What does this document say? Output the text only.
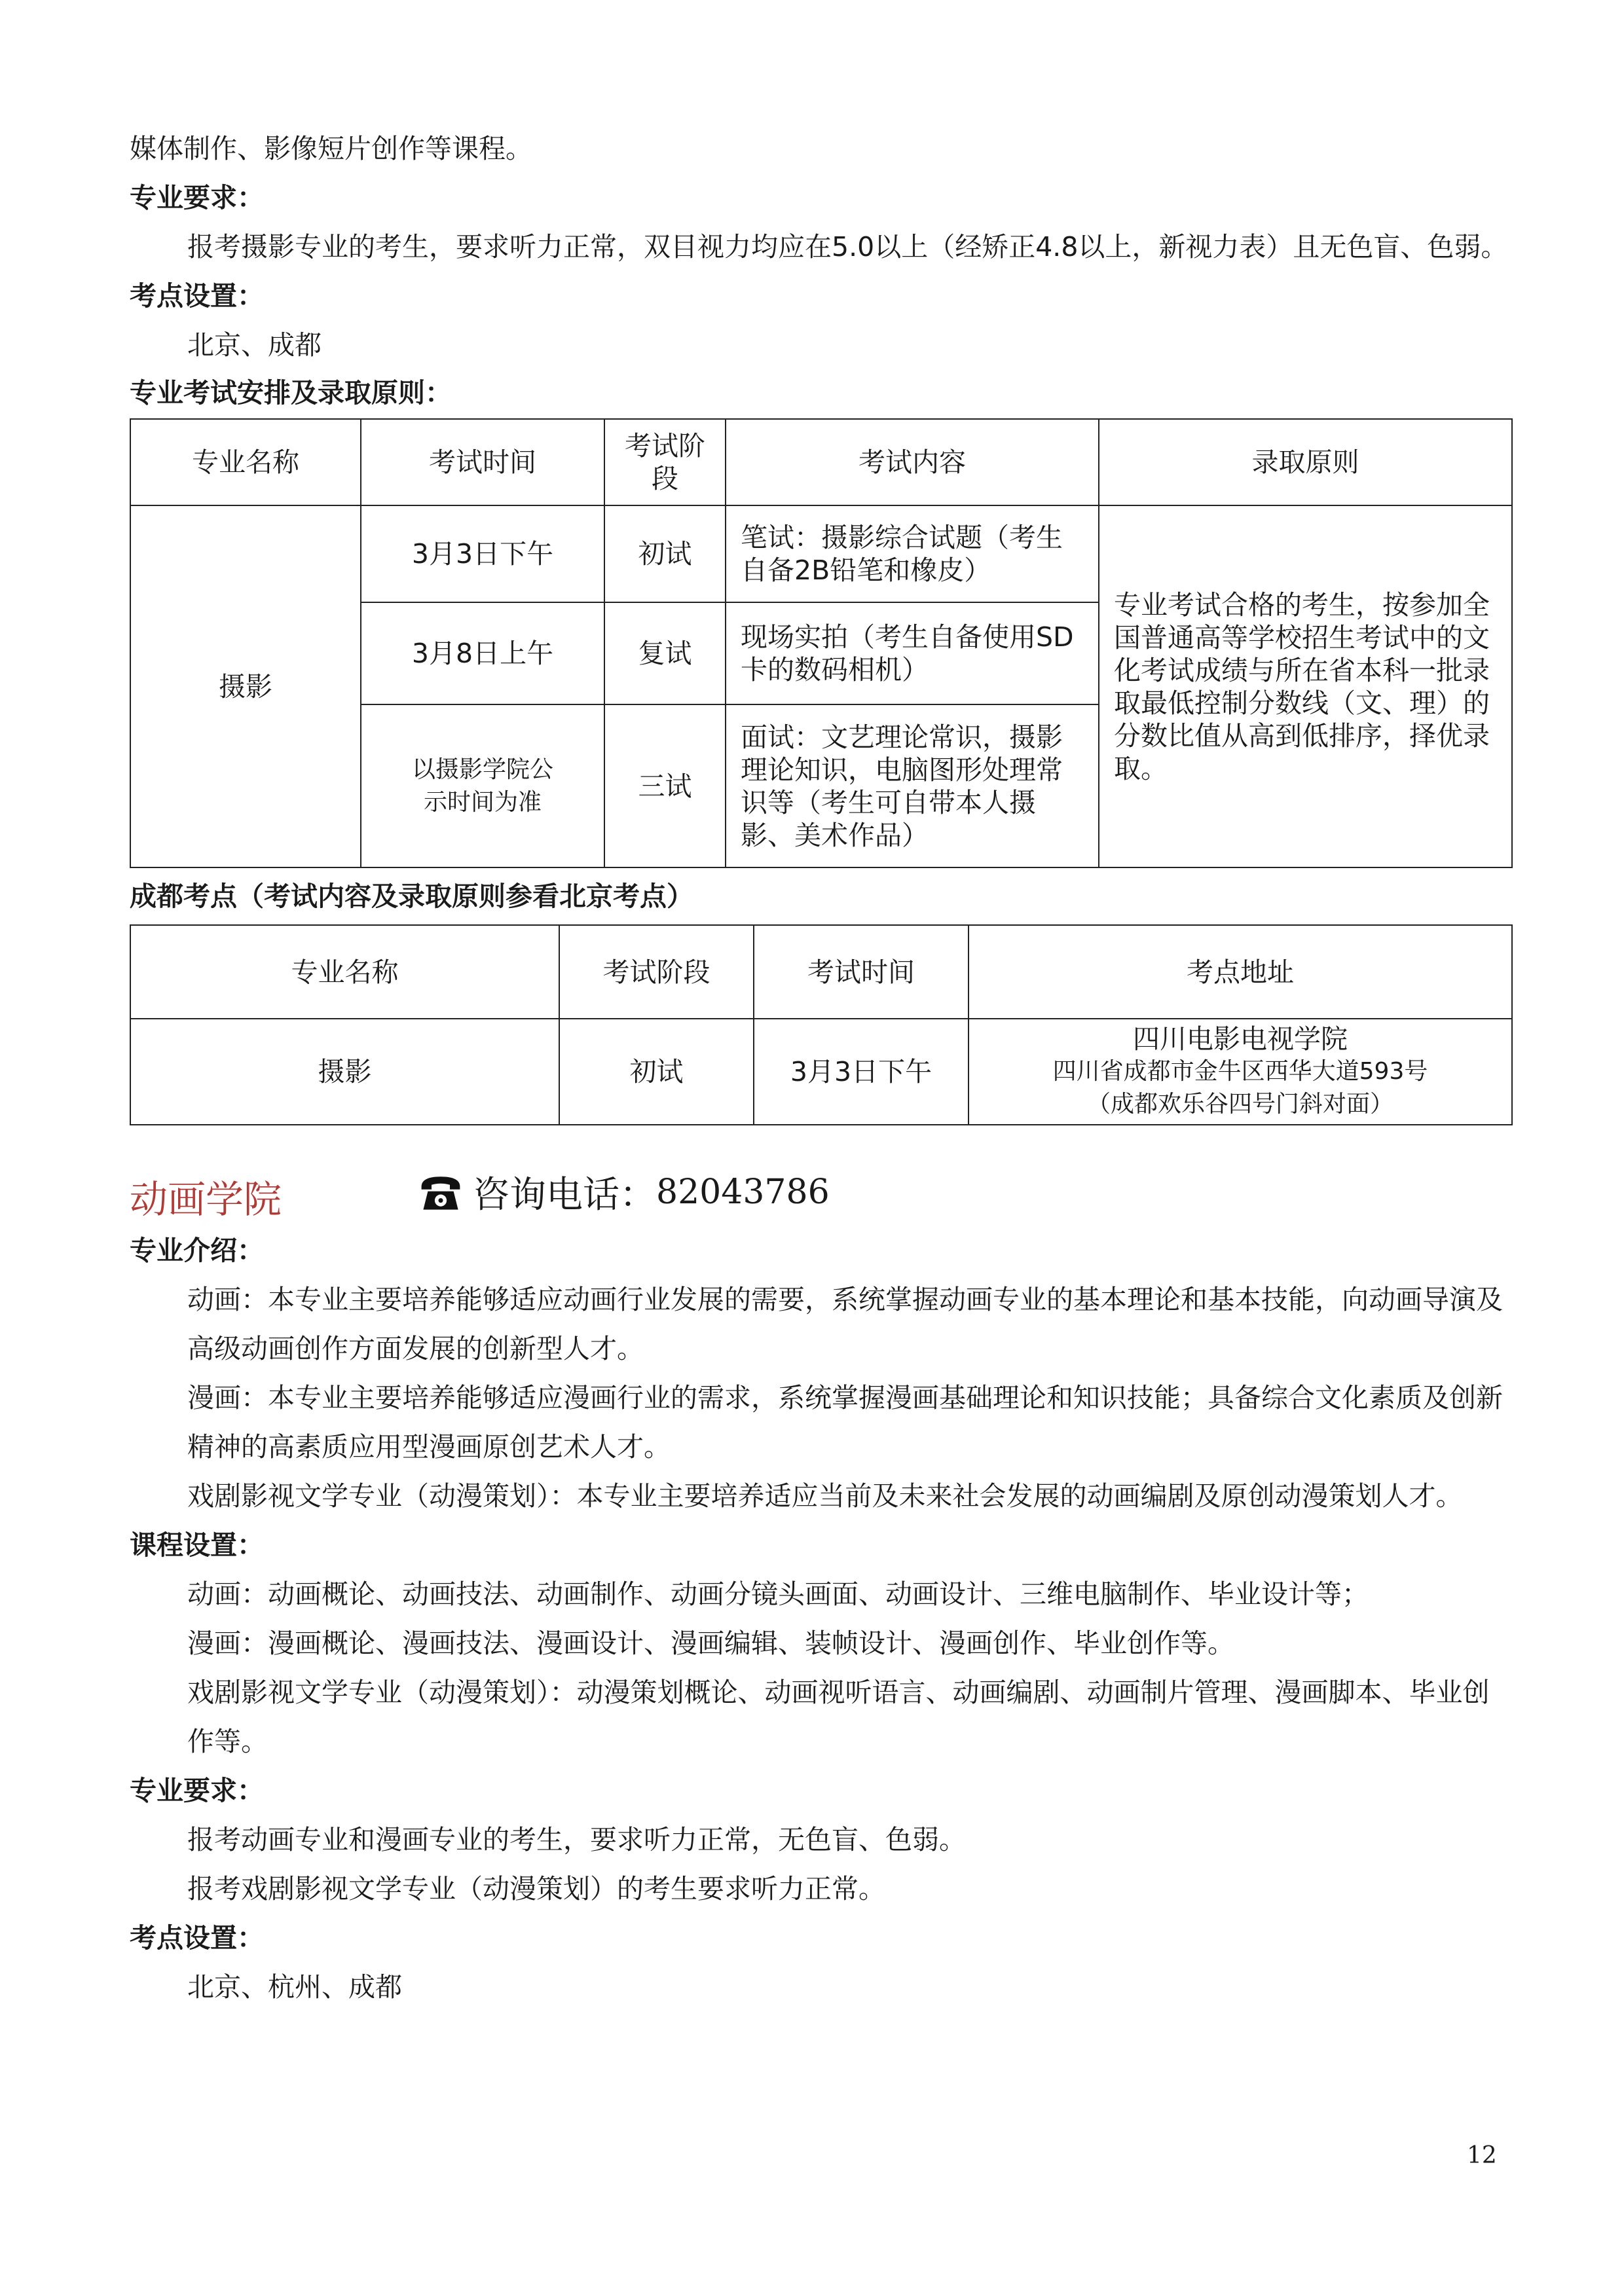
媒体制作、影像短片创作等课程。

专业要求：

报考摄影专业的考生，要求听力正常，双目视力均应在5.0以上（经矫正4.8以上，新视力表）且无色盲、色弱。

考点设置：

北京、成都

专业考试安排及录取原则：

专业名称	考试时间	考试阶段	考试内容	录取原则
摄影	3月3日下午	初试	笔试：摄影综合试题（考生自备2B铅笔和橡皮）	专业考试合格的考生，按参加全国普通高等学校招生考试中的文化考试成绩与所在省本科一批录取最低控制分数线（文、理）的分数比值从高到低排序，择优录取。
	3月8日上午	复试	现场实拍（考生自备使用SD卡的数码相机）	
	以摄影学院公示时间为准	三试	面试：文艺理论常识，摄影理论知识，电脑图形处理常识等（考生可自带本人摄影、美术作品）	

成都考点（考试内容及录取原则参看北京考点）

专业名称	考试阶段	考试时间	考点地址
摄影	初试	3月3日下午	四川电影电视学院
四川省成都市金牛区西华大道593号
（成都欢乐谷四号门斜对面）
动画学院	咨询电话： 82043786

专业介绍：

动画：本专业主要培养能够适应动画行业发展的需要，系统掌握动画专业的基本理论和基本技能，向动画导演及高级动画创作方面发展的创新型人才。

漫画：本专业主要培养能够适应漫画行业的需求，系统掌握漫画基础理论和知识技能；具备综合文化素质及创新精神的高素质应用型漫画原创艺术人才。

戏剧影视文学专业（动漫策划）：本专业主要培养适应当前及未来社会发展的动画编剧及原创动漫策划人才。

课程设置：

动画：动画概论、动画技法、动画制作、动画分镜头画面、动画设计、三维电脑制作、毕业设计等；

漫画：漫画概论、漫画技法、漫画设计、漫画编辑、装帧设计、漫画创作、毕业创作等。

戏剧影视文学专业（动漫策划）：动漫策划概论、动画视听语言、动画编剧、动画制片管理、漫画脚本、毕业创作等。

专业要求：

报考动画专业和漫画专业的考生，要求听力正常，无色盲、色弱。

报考戏剧影视文学专业（动漫策划）的考生要求听力正常。

考点设置：

北京、杭州、成都

12
